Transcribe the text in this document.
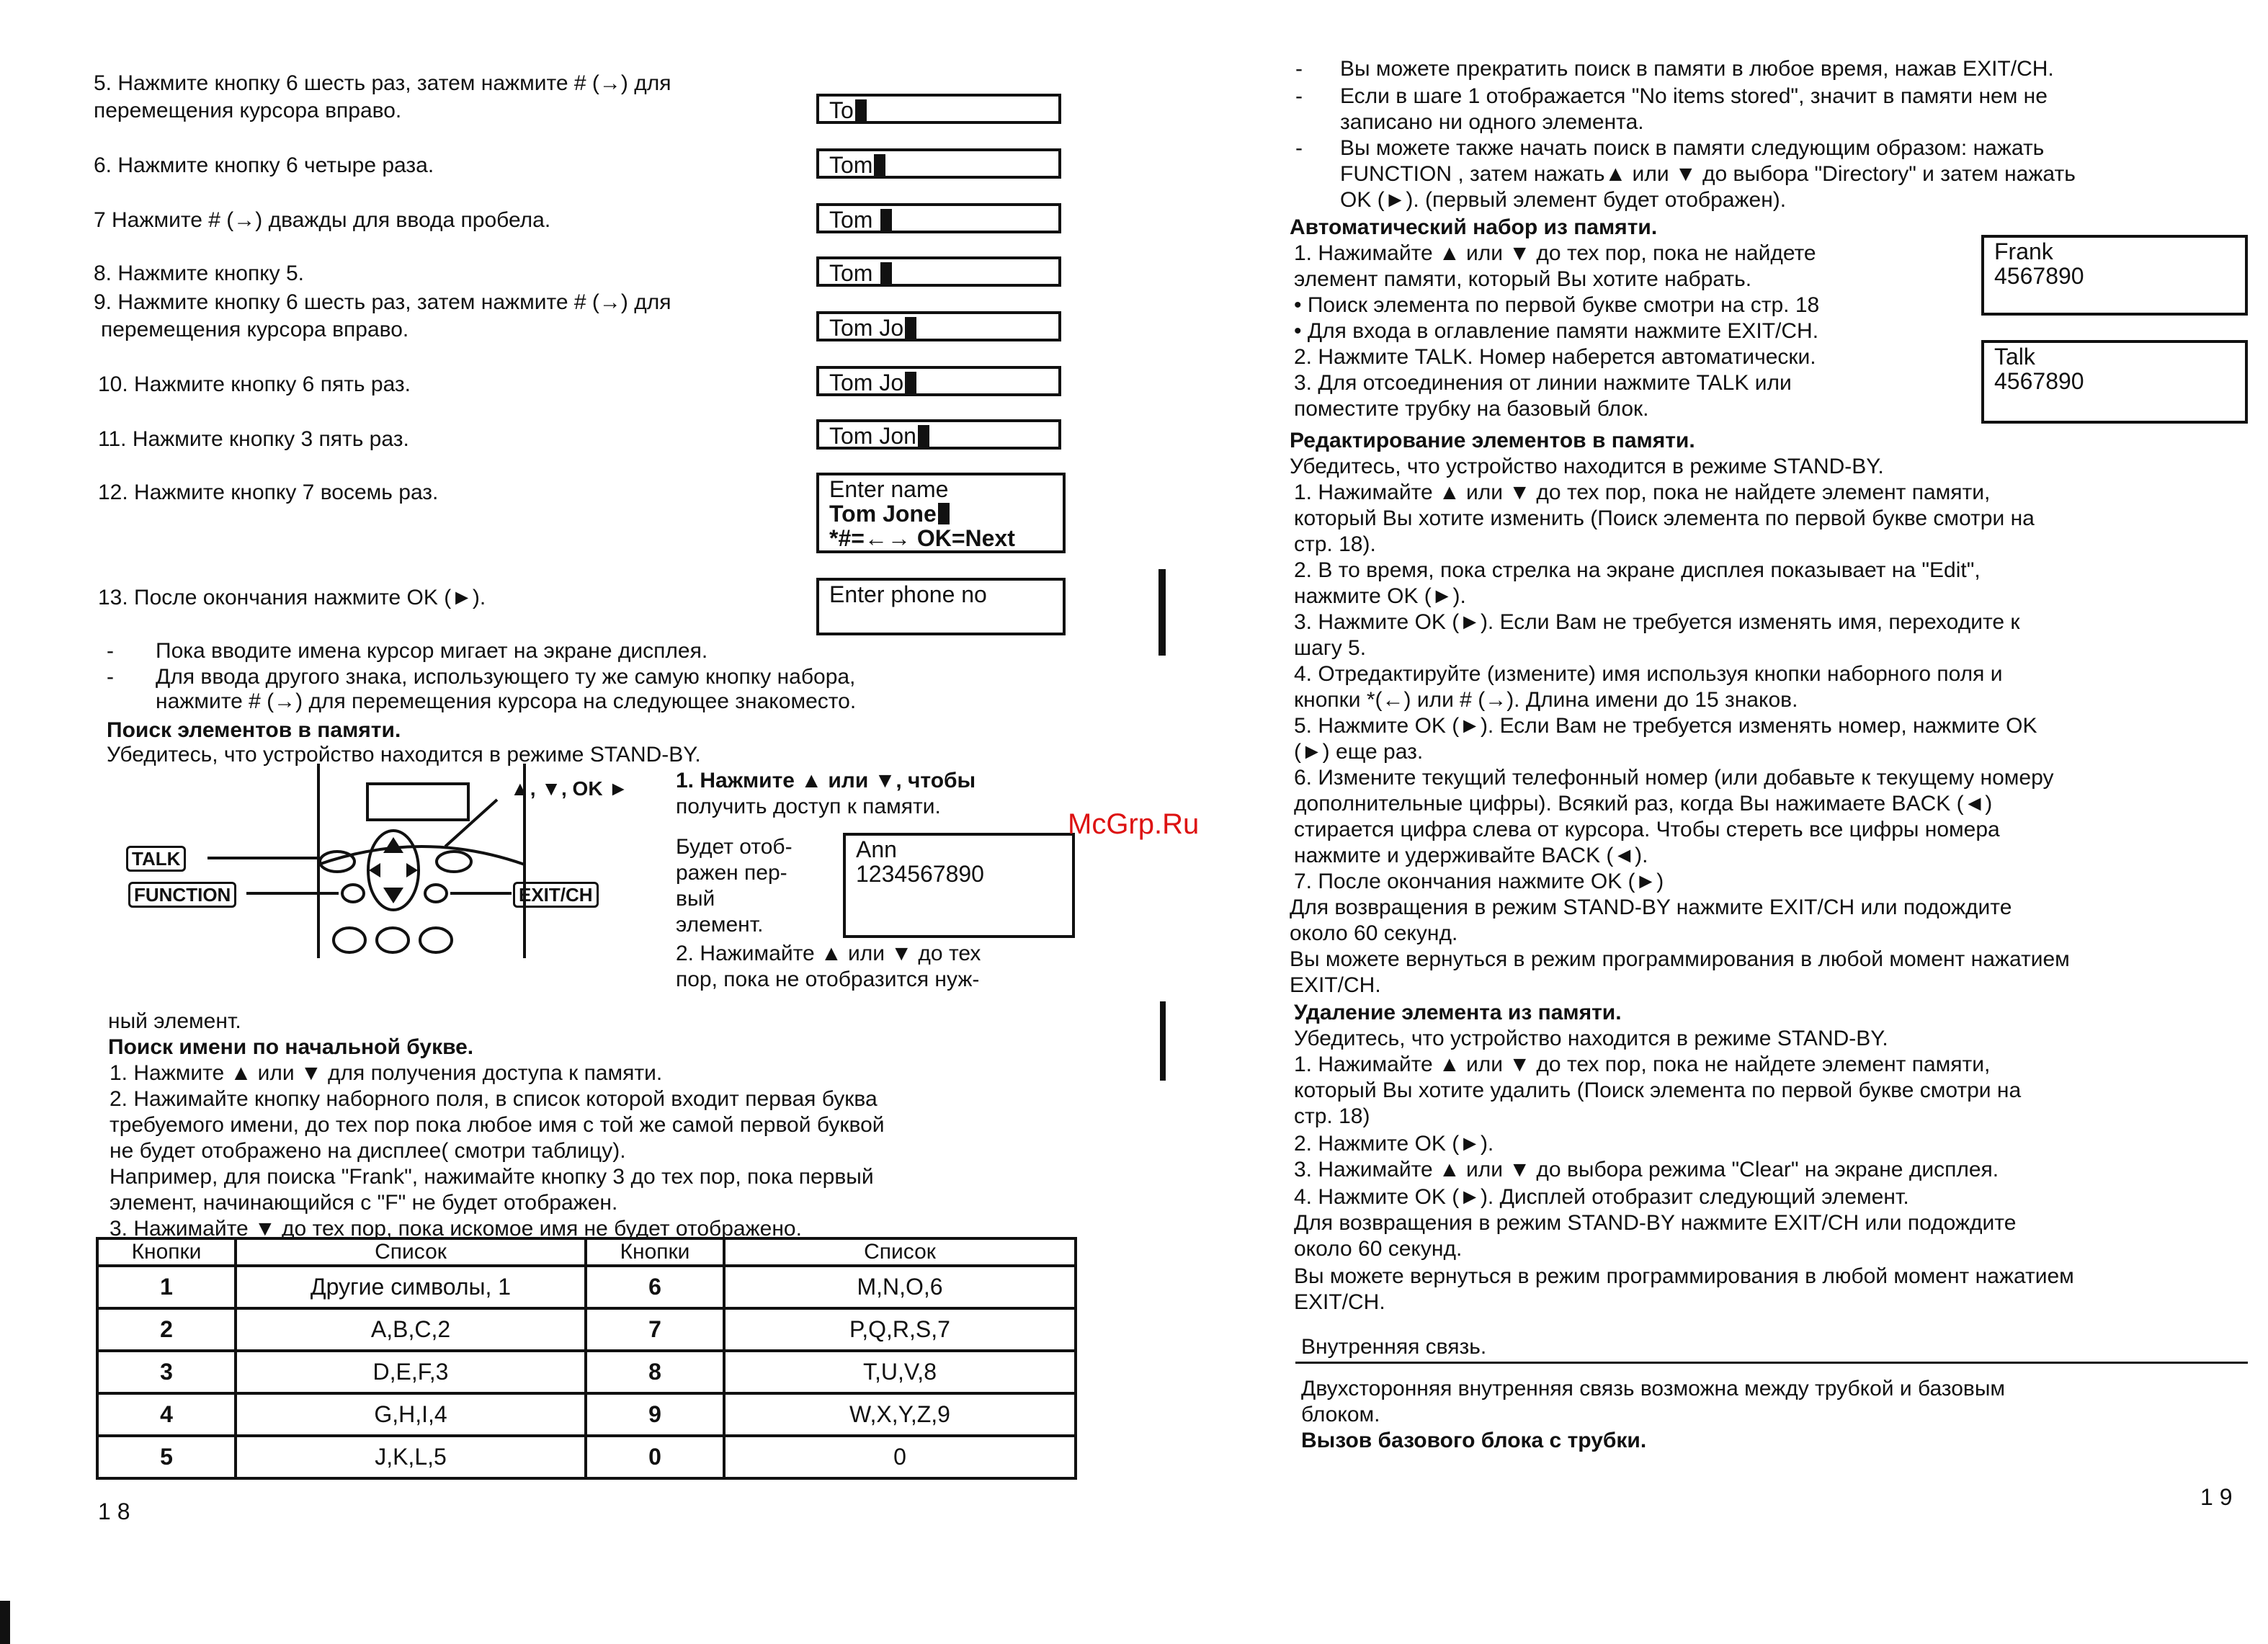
5. Нажмите кнопку 6 шесть раз, затем нажмите # (→) для
перемещения курсора вправо.	To
6. Нажмите кнопку 6 четыре раза.	Tom
7 Нажмите # (→) дважды для ввода пробела.	Tom
8. Нажмите кнопку 5.	Tom
9. Нажмите кнопку 6 шесть раз, затем нажмите # (→) для
перемещения курсора вправо.	Tom Jo
10. Нажмите кнопку 6 пять раз.	Tom Jo
11. Нажмите кнопку 3 пять раз.	Tom Jon
12. Нажмите кнопку 7 восемь раз.	Enter name
Tom Jone
*#=←→ OK=Next
13. После окончания нажмите OK (►).	Enter phone no
- Пока вводите имена курсор мигает на экране дисплея.
- Для ввода другого знака, использующего ту же самую кнопку набора,
нажмите # (→) для перемещения курсора на следующее знакоместо.
Поиск элементов в памяти.
Убедитесь, что устройство находится в режиме STAND-BY.
TALK
FUNCTION	EXIT/CH
▲, ▼, OK ► 1. Нажмите ▲ или ▼, чтобы
получить доступ к памяти.
Будет отоб-
ражен пер-
вый
элемент.
Ann
1234567890
2. Нажимайте ▲ или ▼ до тех
пор, пока не отобразится нуж-
ный элемент.
Поиск имени по начальной букве.
1. Нажмите ▲ или ▼ для получения доступа к памяти.
2. Нажимайте кнопку наборного поля, в список которой входит первая буква
требуемого имени, до тех пор пока любое имя с той же самой первой буквой
не будет отображено на дисплее( смотри таблицу).
Например, для поиска "Frank", нажимайте кнопку 3 до тех пор, пока первый
элемент, начинающийся с "F" не будет отображен.
3. Нажимайте ▼ до тех пор, пока искомое имя не будет отображено.
Кнопки	Список	Кнопки	Список
1	Другие символы, 1	6	M,N,O,6
2	A,B,C,2	7	P,Q,R,S,7
3	D,E,F,3	8	T,U,V,8
4	G,H,I,4	9	W,X,Y,Z,9
5	J,K,L,5	0	0
1 8
McGrp.Ru
- Вы можете прекратить поиск в памяти в любое время, нажав EXIT/CH.
- Если в шаге 1 отображается "No items stored", значит в памяти нем не
записано ни одного элемента.
- Вы можете также начать поиск в памяти следующим образом: нажать
FUNCTION , затем нажать▲ или ▼ до выбора "Directory" и затем нажать
OK (►). (первый элемент будет отображен).
Автоматический набор из памяти.
1. Нажимайте ▲ или ▼ до тех пор, пока не найдете
элемент памяти, который Вы хотите набрать.
• Поиск элемента по первой букве смотри на стр. 18
• Для входа в оглавление памяти нажмите EXIT/CH.
2. Нажмите TALK. Номер наберется автоматически.
3. Для отсоединения от линии нажмите TALK или
поместите трубку на базовый блок.
Frank
4567890
Talk
4567890
Редактирование элементов в памяти.
Убедитесь, что устройство находится в режиме STAND-BY.
1. Нажимайте ▲ или ▼ до тех пор, пока не найдете элемент памяти,
который Вы хотите изменить (Поиск элемента по первой букве смотри на
стр. 18).
2. В то время, пока стрелка на экране дисплея показывает на "Edit",
нажмите OK (►).
3. Нажмите OK (►). Если Вам не требуется изменять имя, переходите к
шагу 5.
4. Отредактируйте (измените) имя используя кнопки наборного поля и
кнопки *(←) или # (→). Длина имени до 15 знаков.
5. Нажмите OK (►). Если Вам не требуется изменять номер, нажмите OK
(►) еще раз.
6. Измените текущий телефонный номер (или добавьте к текущему номеру
дополнительные цифры). Всякий раз, когда Вы нажимаете BACK (◄)
стирается цифра слева от курсора. Чтобы стереть все цифры номера
нажмите и удерживайте BACK (◄).
7. После окончания нажмите OK (►)
Для возвращения в режим STAND-BY нажмите EXIT/CH или подождите
около 60 секунд.
Вы можете вернуться в режим программирования в любой момент нажатием
EXIT/CH.
Удаление элемента из памяти.
Убедитесь, что устройство находится в режиме STAND-BY.
1. Нажимайте ▲ или ▼ до тех пор, пока не найдете элемент памяти,
который Вы хотите удалить (Поиск элемента по первой букве смотри на
стр. 18)
2. Нажмите OK (►).
3. Нажимайте ▲ или ▼ до выбора режима "Clear" на экране дисплея.
4. Нажмите OK (►). Дисплей отобразит следующий элемент.
Для возвращения в режим STAND-BY нажмите EXIT/CH или подождите
около 60 секунд.
Вы можете вернуться в режим программирования в любой момент нажатием
EXIT/CH.
Внутренняя связь.
Двухсторонняя внутренняя связь возможна между трубкой и базовым
блоком.
Вызов базового блока с трубки.
1 9
